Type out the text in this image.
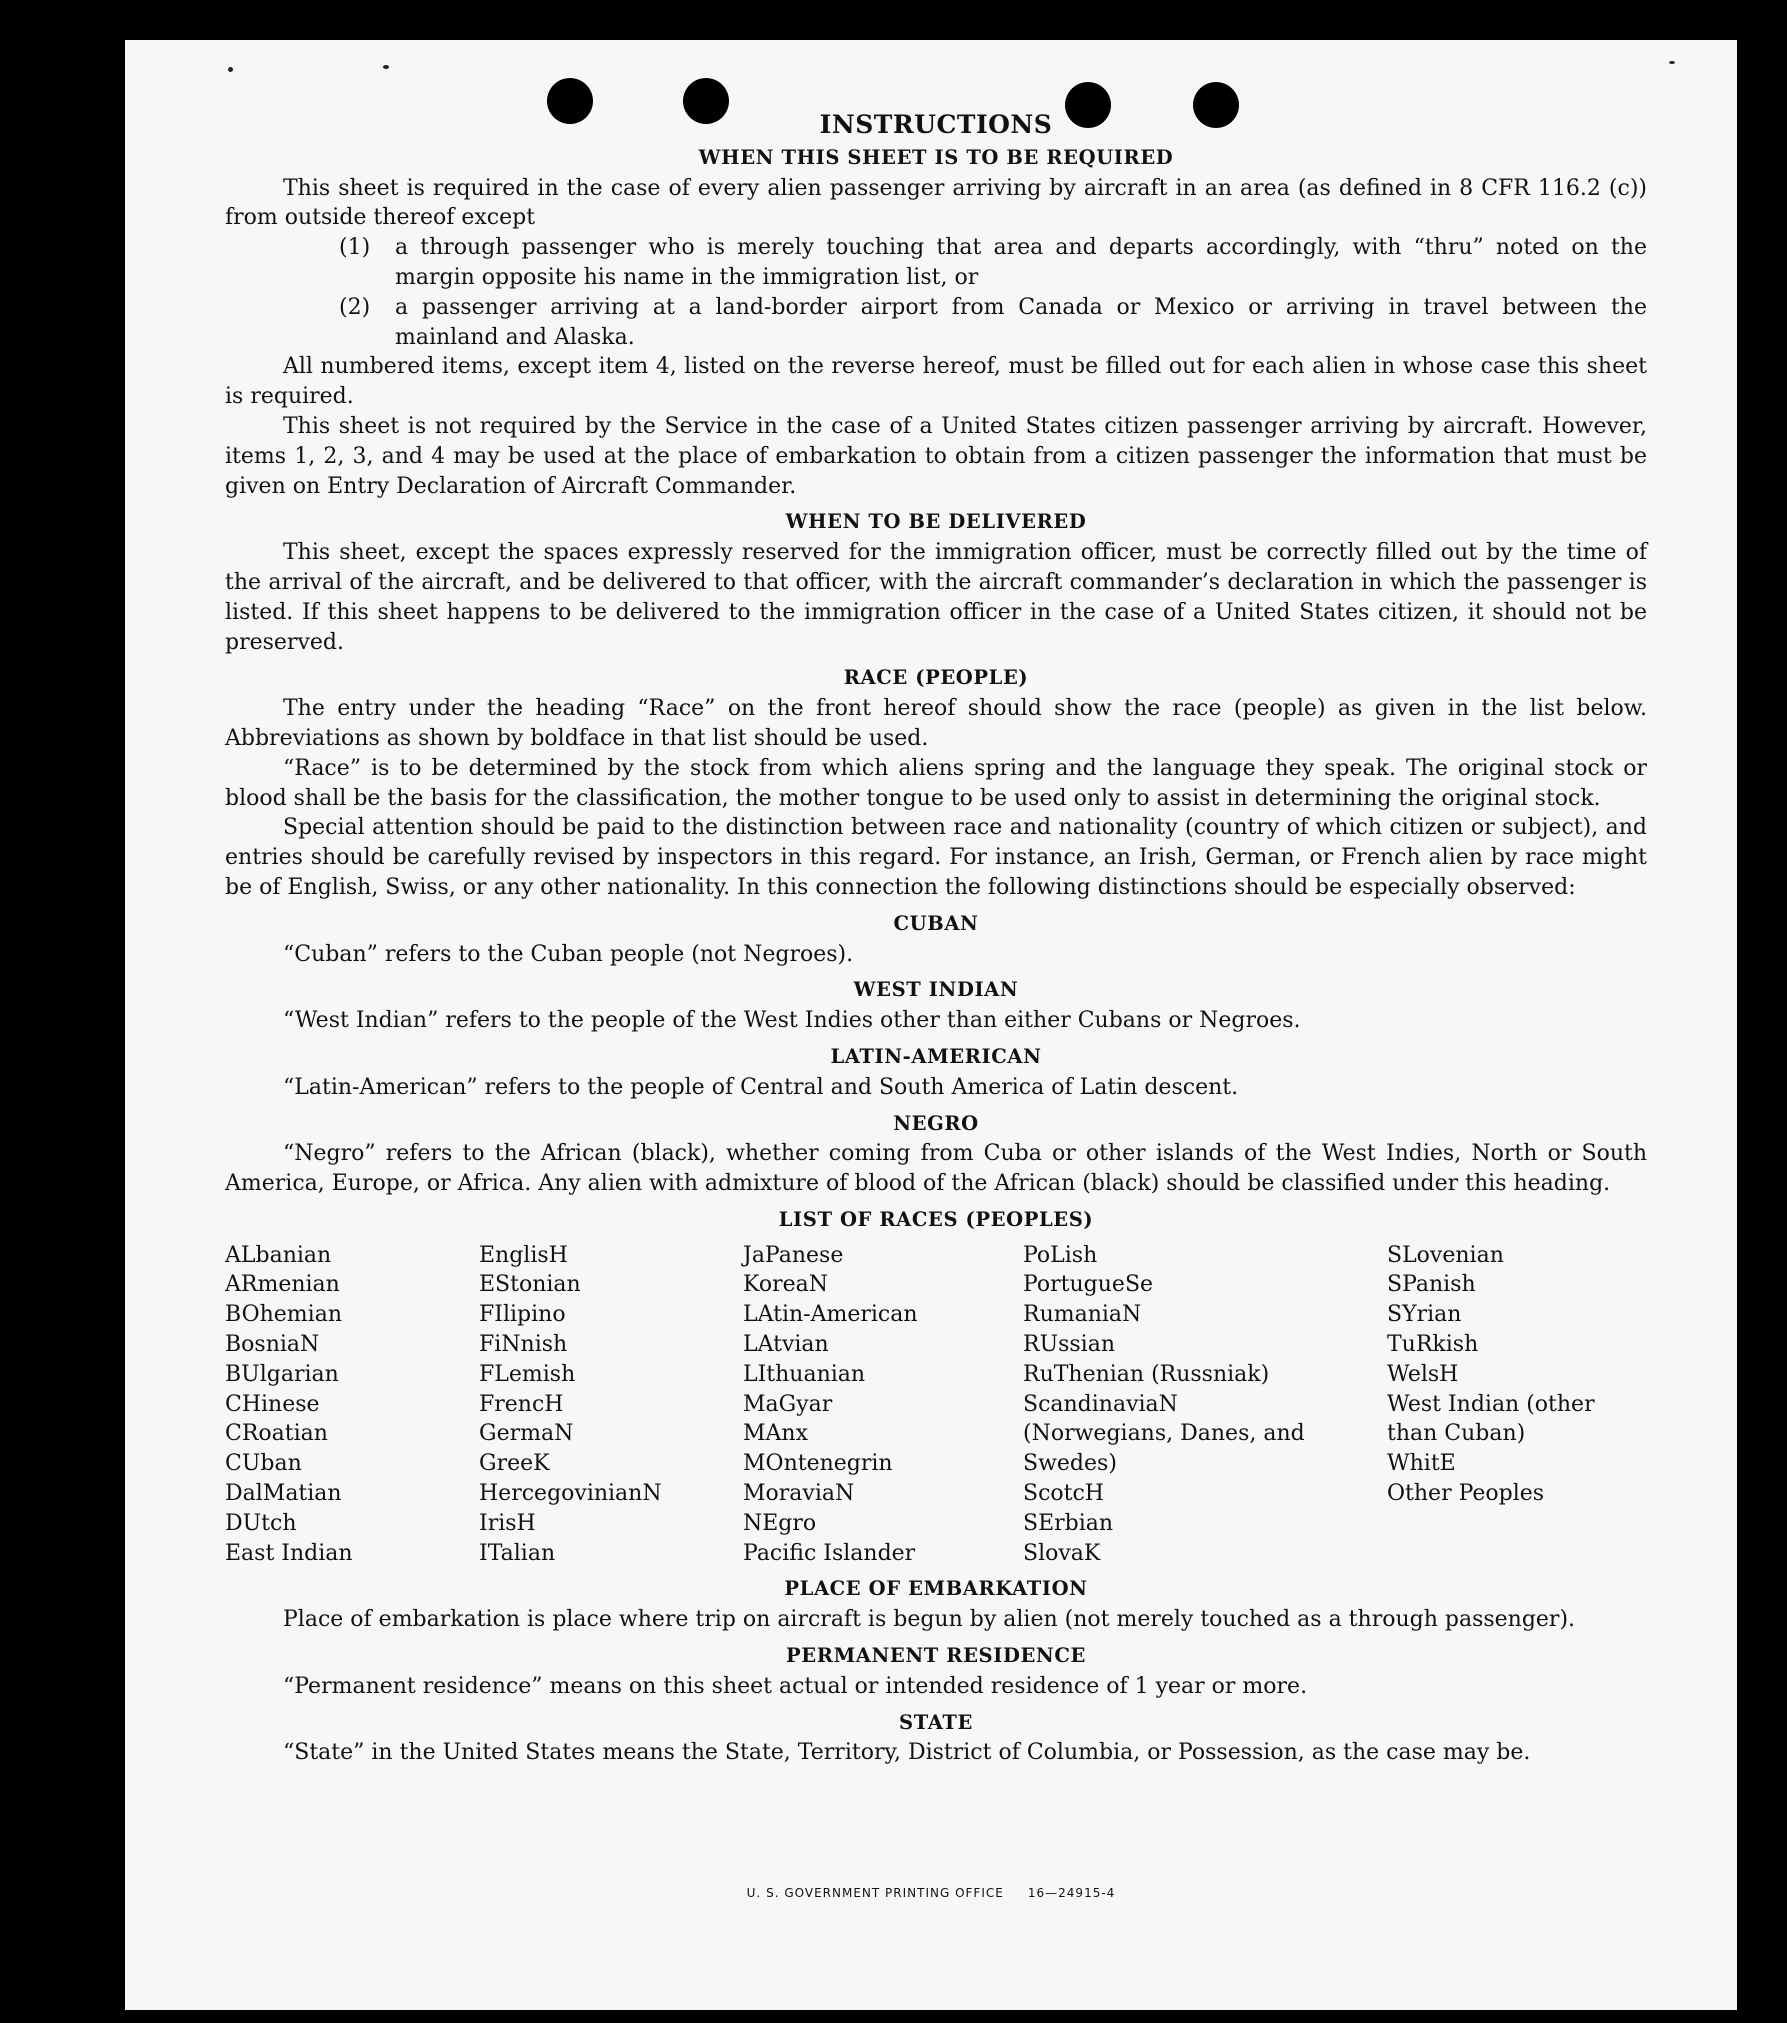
INSTRUCTIONS
WHEN THIS SHEET IS TO BE REQUIRED

This sheet is required in the case of every alien passenger arriving by aircraft in an area (as defined in 8 CFR 116.2 (c)) from outside thereof except

(1)	a through passenger who is merely touching that area and departs accordingly, with “thru” noted on the margin opposite his name in the immigration list, or
(2)	a passenger arriving at a land-border airport from Canada or Mexico or arriving in travel between the mainland and Alaska.

All numbered items, except item 4, listed on the reverse hereof, must be filled out for each alien in whose case this sheet is required.

This sheet is not required by the Service in the case of a United States citizen passenger arriving by aircraft. However, items 1, 2, 3, and 4 may be used at the place of embarkation to obtain from a citizen passenger the information that must be given on Entry Declaration of Aircraft Commander.

WHEN TO BE DELIVERED

This sheet, except the spaces expressly reserved for the immigration officer, must be correctly filled out by the time of the arrival of the aircraft, and be delivered to that officer, with the aircraft commander’s declaration in which the passenger is listed. If this sheet happens to be delivered to the immigration officer in the case of a United States citizen, it should not be preserved.

RACE (PEOPLE)

The entry under the heading “Race” on the front hereof should show the race (people) as given in the list below. Abbreviations as shown by boldface in that list should be used.

“Race” is to be determined by the stock from which aliens spring and the language they speak. The original stock or blood shall be the basis for the classification, the mother tongue to be used only to assist in determining the original stock.

Special attention should be paid to the distinction between race and nationality (country of which citizen or subject), and entries should be carefully revised by inspectors in this regard. For instance, an Irish, German, or French alien by race might be of English, Swiss, or any other nationality. In this connection the following distinctions should be especially observed:

CUBAN

“Cuban” refers to the Cuban people (not Negroes).

WEST INDIAN

“West Indian” refers to the people of the West Indies other than either Cubans or Negroes.

LATIN-AMERICAN

“Latin-American” refers to the people of Central and South America of Latin descent.

NEGRO

“Negro” refers to the African (black), whether coming from Cuba or other islands of the West Indies, North or South America, Europe, or Africa. Any alien with admixture of blood of the African (black) should be classified under this heading.

LIST OF RACES (PEOPLES)
ALbanian
ARmenian
BOhemian
BosniaN
BUlgarian
CHinese
CRoatian
CUban
DalMatian
DUtch
East Indian
EnglisH
EStonian
FIlipino
FiNnish
FLemish
FrencH
GermaN
GreeK
HercegovinianN
IrisH
ITalian
JaPanese
KoreaN
LAtin-American
LAtvian
LIthuanian
MaGyar
MAnx
MOntenegrin
MoraviaN
NEgro
Pacific Islander
PoLish
PortugueSe
RumaniaN
RUssian
RuThenian (Russniak)
ScandinaviaN (Norwegians, Danes, and Swedes)
ScotcH
SErbian
SlovaK
SLovenian
SPanish
SYrian
TuRkish
WelsH
West Indian (other than Cuban)
WhitE
Other Peoples
PLACE OF EMBARKATION

Place of embarkation is place where trip on aircraft is begun by alien (not merely touched as a through passenger).

PERMANENT RESIDENCE

“Permanent residence” means on this sheet actual or intended residence of 1 year or more.

STATE

“State” in the United States means the State, Territory, District of Columbia, or Possession, as the case may be.

U. S. GOVERNMENT PRINTING OFFICE     16—24915-4
